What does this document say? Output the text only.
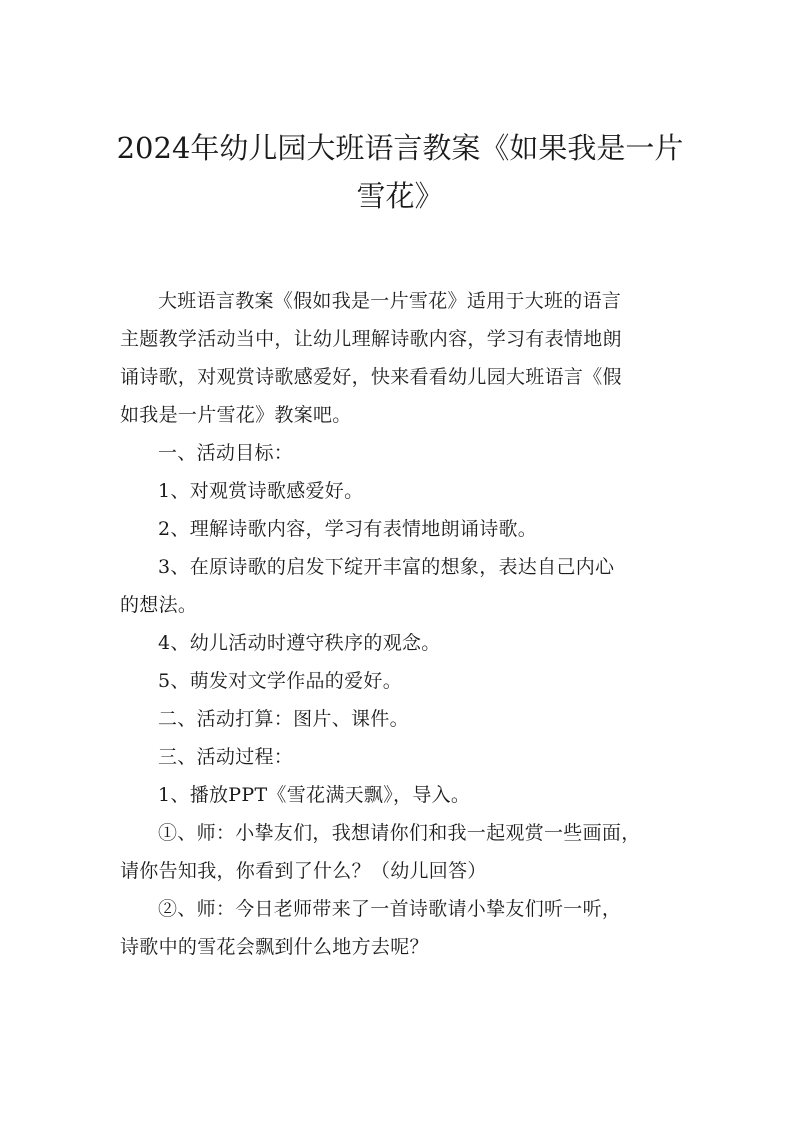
2024年幼儿园大班语言教案《如果我是一片
雪花》
大班语言教案《假如我是一片雪花》适用于大班的语言
主题教学活动当中，让幼儿理解诗歌内容，学习有表情地朗
诵诗歌，对观赏诗歌感爱好，快来看看幼儿园大班语言《假
如我是一片雪花》教案吧。
一、活动目标：
1、对观赏诗歌感爱好。
2、理解诗歌内容，学习有表情地朗诵诗歌。
3、在原诗歌的启发下绽开丰富的想象，表达自己内心
的想法。
4、幼儿活动时遵守秩序的观念。
5、萌发对文学作品的爱好。
二、活动打算：图片、课件。
三、活动过程：
1、播放PPT《雪花满天飘》，导入。
①、师：小挚友们，我想请你们和我一起观赏一些画面，
请你告知我，你看到了什么？（幼儿回答）
②、师：今日老师带来了一首诗歌请小挚友们听一听，
诗歌中的雪花会飘到什么地方去呢？
